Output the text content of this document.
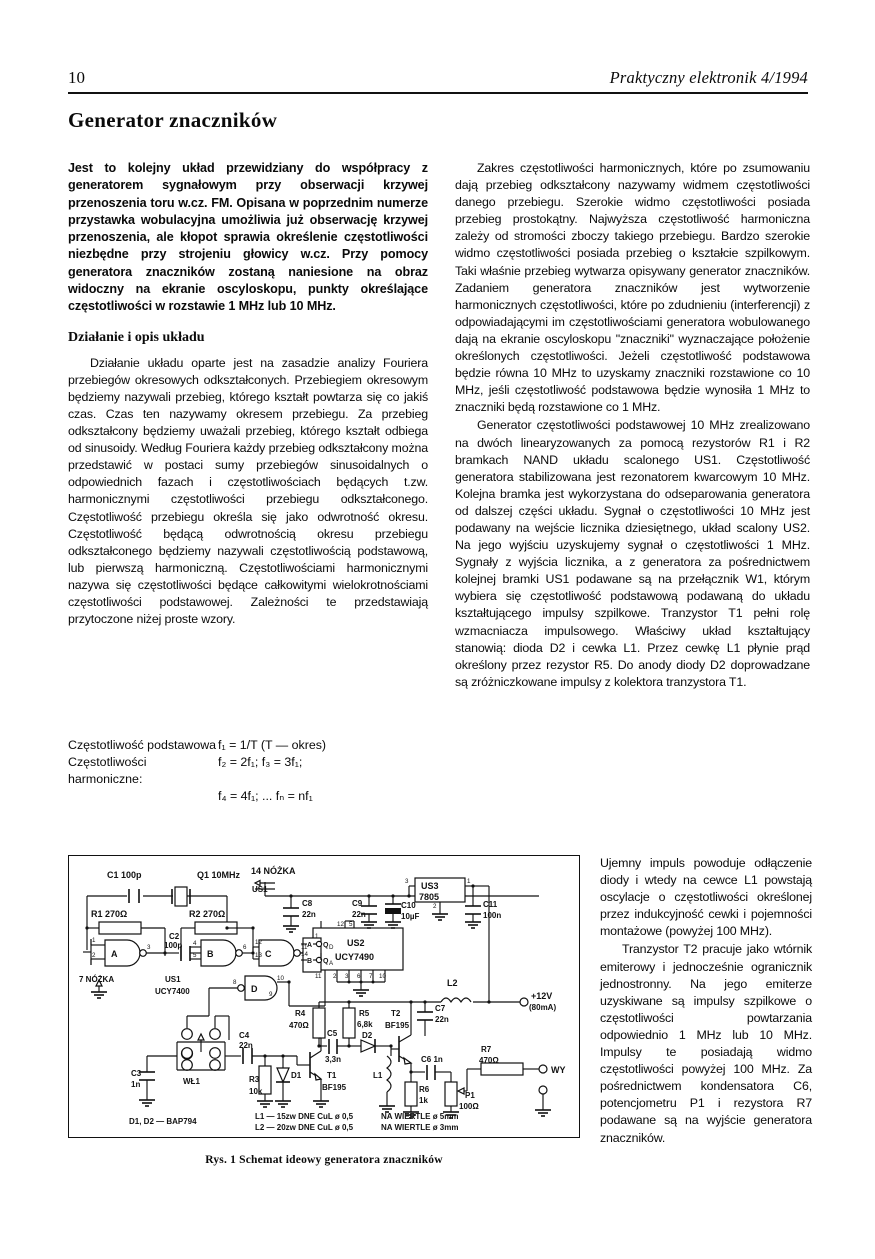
10	Praktyczny elektronik 4/1994
Generator znaczników

Jest to kolejny układ przewidziany do współpracy z generatorem sygnałowym przy obserwacji krzywej przenoszenia toru w.cz. FM. Opisana w poprzednim numerze przystawka wobulacyjna umożliwia już obserwację krzywej przenoszenia, ale kłopot sprawia określenie częstotliwości niezbędne przy strojeniu głowicy w.cz. Przy pomocy generatora znaczników zostaną naniesione na obraz widoczny na ekranie oscyloskopu, punkty określające częstotliwości w rozstawie 1 MHz lub 10 MHz.

Działanie i opis układu

Działanie układu oparte jest na zasadzie analizy Fouriera przebiegów okresowych odkształconych. Przebiegiem okresowym będziemy nazywali przebieg, którego kształt powtarza się co jakiś czas. Czas ten nazywamy okresem przebiegu. Za przebieg odkształcony będziemy uważali przebieg, którego kształt odbiega od sinusoidy. Według Fouriera każdy przebieg odkształcony można przedstawić w postaci sumy przebiegów sinusoidalnych o odpowiednich fazach i częstotliwościach będących t.zw. harmonicznymi częstotliwości przebiegu odkształconego. Częstotliwość przebiegu określa się jako odwrotność okresu. Częstotliwość będącą odwrotnością okresu przebiegu odkształconego będziemy nazywali częstotliwością podstawową, lub pierwszą harmoniczną. Częstotliwościami harmonicznymi nazywa się częstotliwości będące całkowitymi wielokrotnościami częstotliwości podstawowej. Zależności te przedstawiają przytoczone niżej proste wzory.

Częstotliwość podstawowa f₁ = 1/T (T — okres)
Częstotliwości harmoniczne:
f₂ = 2f₁; f₃ = 3f₁;
f₄ = 4f₁; ... fₙ = nf₁

Zakres częstotliwości harmonicznych, które po zsumowaniu dają przebieg odkształcony nazywamy widmem częstotliwości danego przebiegu. Szerokie widmo częstotliwości posiada przebieg prostokątny. Najwyższa częstotliwość harmoniczna zależy od stromości zboczy takiego przebiegu. Bardzo szerokie widmo częstotliwości posiada przebieg o kształcie szpilkowym. Taki właśnie przebieg wytwarza opisywany generator znaczników. Zadaniem generatora znaczników jest wytworzenie harmonicznych częstotliwości, które po zdudnieniu (interferencji) z odpowiadającymi im częstotliwościami generatora wobulowanego dają na ekranie oscyloskopu "znaczniki" wyznaczające położenie określonych częstotliwości. Jeżeli częstotliwość podstawowa będzie równa 10 MHz to uzyskamy znaczniki rozstawione co 10 MHz, jeśli częstotliwość podstawowa będzie wynosiła 1 MHz to znaczniki będą rozstawione co 1 MHz.

Generator częstotliwości podstawowej 10 MHz zrealizowano na dwóch linearyzowanych za pomocą rezystorów R1 i R2 bramkach NAND układu scalonego US1. Częstotliwość generatora stabilizowana jest rezonatorem kwarcowym 10 MHz. Kolejna bramka jest wykorzystana do odseparowania generatora od dalszej części układu. Sygnał o częstotliwości 10 MHz jest podawany na wejście licznika dziesiętnego, układ scalony US2. Na jego wyjściu uzyskujemy sygnał o częstotliwości 1 MHz. Sygnały z wyjścia licznika, a z generatora za pośrednictwem kolejnej bramki US1 podawane są na przełącznik W1, którym wybiera się częstotliwość podstawową podawaną do układu kształtującego impulsy szpilkowe. Tranzystor T1 pełni rolę wzmacniacza impulsowego. Właściwy układ kształtujący stanowią: dioda D2 i cewka L1. Przez cewkę L1 płynie prąd określony przez rezystor R5. Do anody diody D2 doprowadzane są zróżniczkowane impulsy z kolektora tranzystora T1.

Ujemny impuls powoduje odłączenie diody i wtedy na cewce L1 powstają oscylacje o częstotliwości określonej przez indukcyjność cewki i pojemności montażowe (powyżej 100 MHz).

Tranzystor T2 pracuje jako wtórnik emiterowy i jednocześnie ogranicznik jednostronny. Na jego emiterze uzyskiwane są impulsy szpilkowe o częstotliwości powtarzania odpowiednio 1 MHz lub 10 MHz. Impulsy te posiadają widmo częstotliwości powyżej 100 MHz. Za pośrednictwem kondensatora C6, potencjometru P1 i rezystora R7 podawane są na wyjście generatora znaczników.

C1 100p	Q1 10MHz
R1 270Ω	R2 270Ω
C2
100p
14 NÓŻKA
US1
C8
22n
C9
22n
C10
10µF
US3
7805
C11
100n
A	B	C
D
7 NÓŻKA	US1
UCY7400
US2
UCY7490
A
B
Q D
Q A
L2
+12V
(80mA)
C7
22n
R4
470Ω
C5
3,3n
R5
6,8k
D2
T2
BF195
C6 1n
R7
470Ω
WY
R6
1k
P1
100Ω
L1
T1
BF195
R3
10k
D1
C4
22n
WŁ1
C3
1n
1
2
3
4
5
6
12
13
11
8
9
10
1
12 5
14
11 2 3 6 7 10
3	1
2
D1, D2 — BAP794
L1 — 15zw DNE CuL ø 0,5
L2 — 20zw DNE CuL ø 0,5
NA WIERTLE ø 5mm
NA WIERTLE ø 3mm
Rys. 1 Schemat ideowy generatora znaczników
